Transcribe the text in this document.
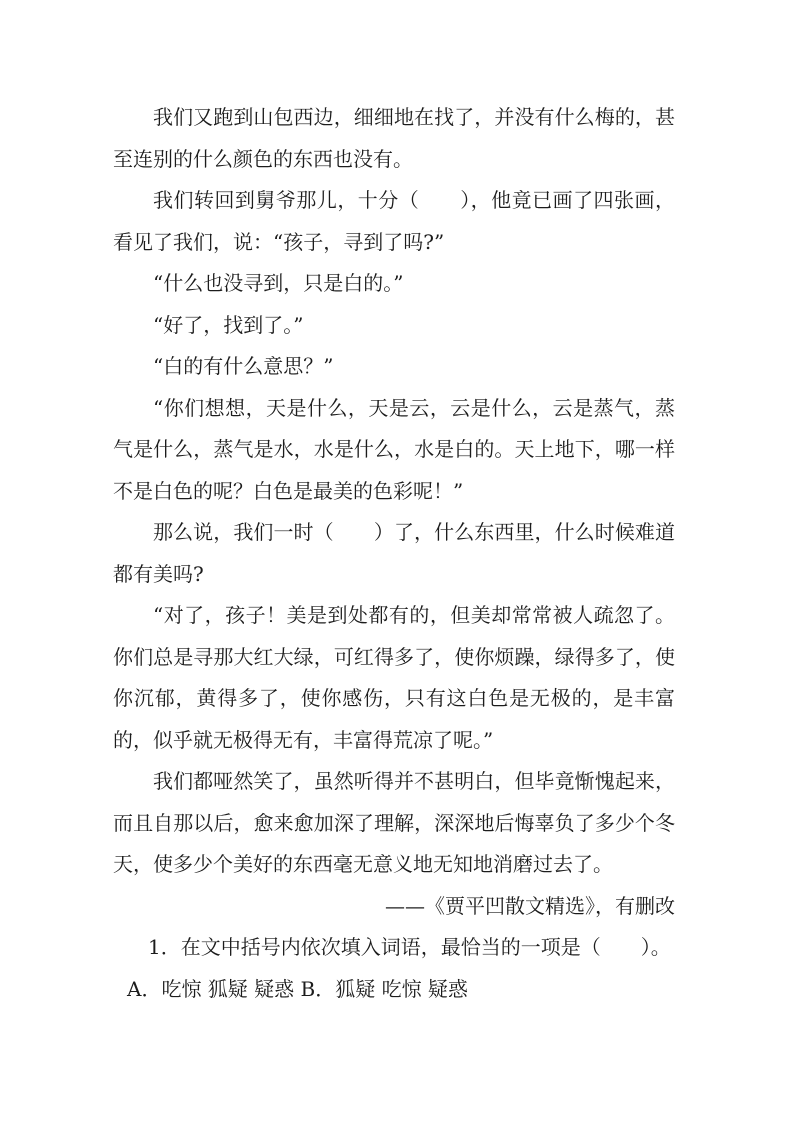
我们又跑到山包西边，细细地在找了，并没有什么梅的，甚至连别的什么颜色的东西也没有。

我们转回到舅爷那儿，十分（　　），他竟已画了四张画，看见了我们，说：“孩子，寻到了吗?”

“什么也没寻到，只是白的。”

“好了，找到了。”

“白的有什么意思？”

“你们想想，天是什么，天是云，云是什么，云是蒸气，蒸气是什么，蒸气是水，水是什么，水是白的。天上地下，哪一样不是白色的呢？白色是最美的色彩呢！”

那么说，我们一时（　　）了，什么东西里，什么时候难道都有美吗?

“对了，孩子！美是到处都有的，但美却常常被人疏忽了。你们总是寻那大红大绿，可红得多了，使你烦躁，绿得多了，使你沉郁，黄得多了，使你感伤，只有这白色是无极的，是丰富的，似乎就无极得无有，丰富得荒凉了呢。”

我们都哑然笑了，虽然听得并不甚明白，但毕竟惭愧起来，而且自那以后，愈来愈加深了理解，深深地后悔辜负了多少个冬天，使多少个美好的东西毫无意义地无知地消磨过去了。

——《贾平凹散文精选》，有删改

1．在文中括号内依次填入词语，最恰当的一项是（　　）。

A．吃惊 狐疑 疑惑 B．狐疑 吃惊 疑惑
